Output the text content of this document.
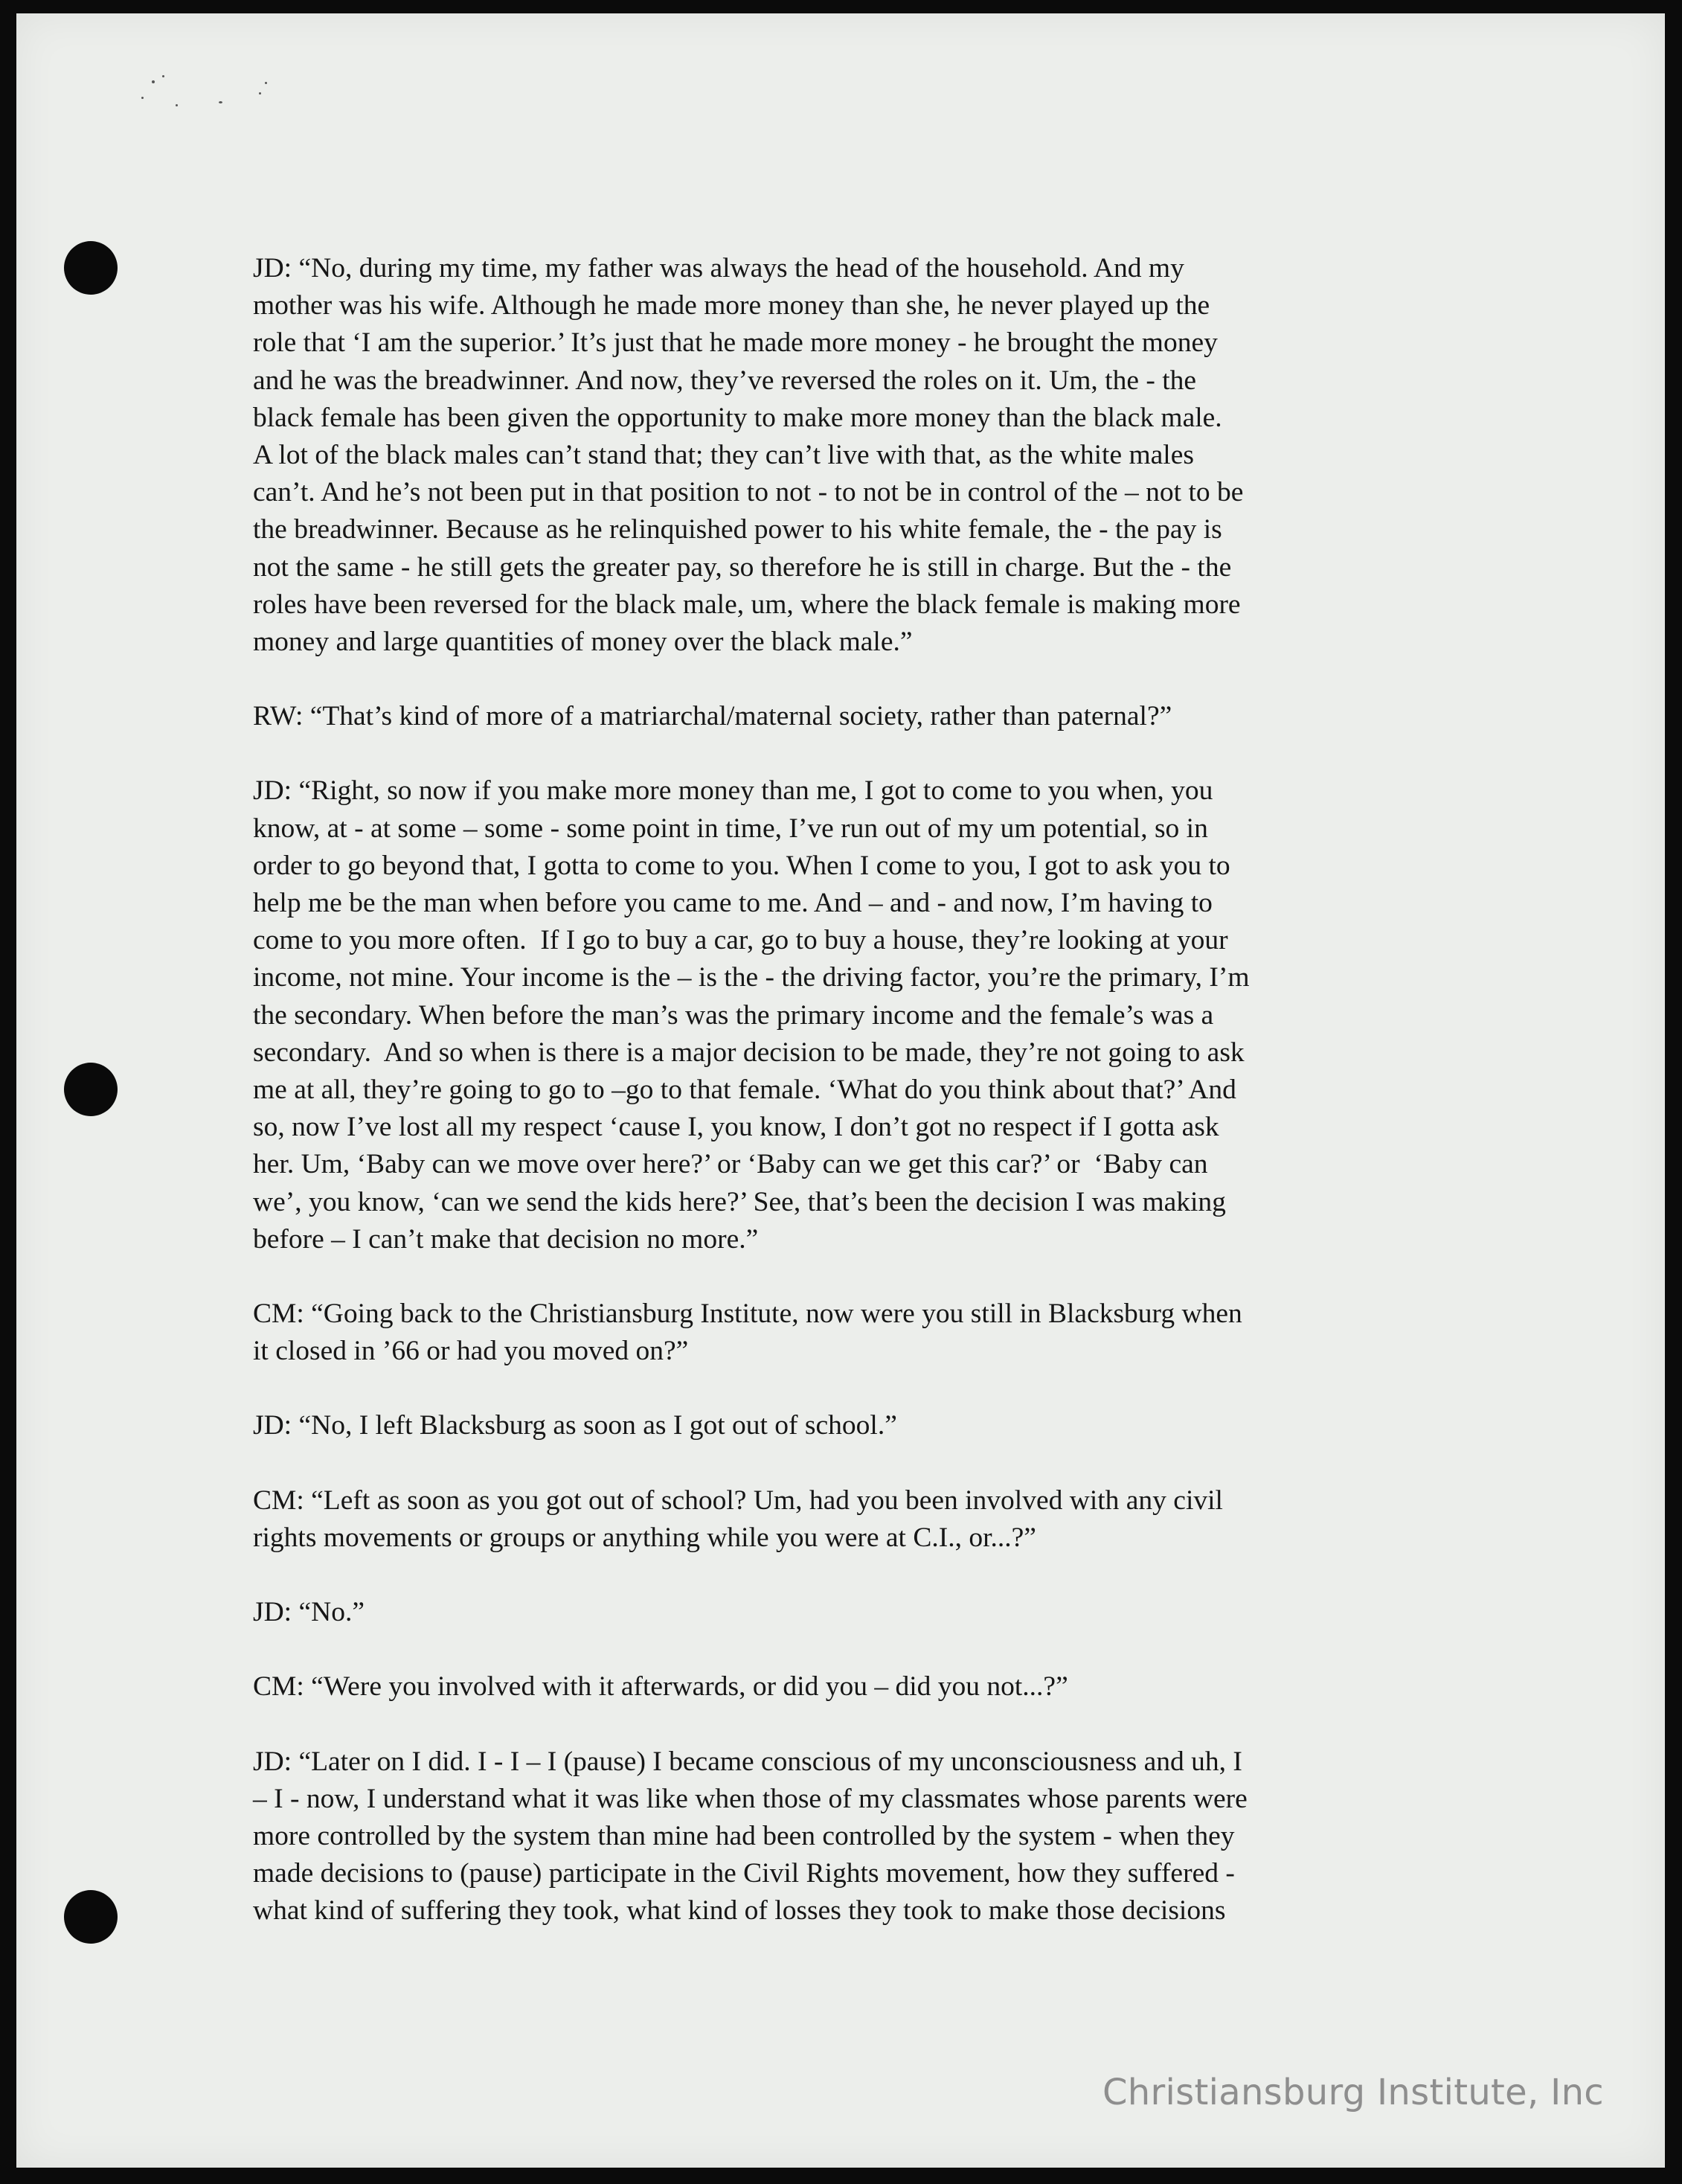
JD: “No, during my time, my father was always the head of the household. And my
mother was his wife. Although he made more money than she, he never played up the
role that ‘I am the superior.’ It’s just that he made more money - he brought the money
and he was the breadwinner. And now, they’ve reversed the roles on it. Um, the - the
black female has been given the opportunity to make more money than the black male.
A lot of the black males can’t stand that; they can’t live with that, as the white males
can’t. And he’s not been put in that position to not - to not be in control of the – not to be
the breadwinner. Because as he relinquished power to his white female, the - the pay is
not the same - he still gets the greater pay, so therefore he is still in charge. But the - the
roles have been reversed for the black male, um, where the black female is making more
money and large quantities of money over the black male.”
RW: “That’s kind of more of a matriarchal/maternal society, rather than paternal?”
JD: “Right, so now if you make more money than me, I got to come to you when, you
know, at - at some – some - some point in time, I’ve run out of my um potential, so in
order to go beyond that, I gotta to come to you. When I come to you, I got to ask you to
help me be the man when before you came to me. And – and - and now, I’m having to
come to you more often.  If I go to buy a car, go to buy a house, they’re looking at your
income, not mine. Your income is the – is the - the driving factor, you’re the primary, I’m
the secondary. When before the man’s was the primary income and the female’s was a
secondary.  And so when is there is a major decision to be made, they’re not going to ask
me at all, they’re going to go to –go to that female. ‘What do you think about that?’ And
so, now I’ve lost all my respect ‘cause I, you know, I don’t got no respect if I gotta ask
her. Um, ‘Baby can we move over here?’ or ‘Baby can we get this car?’ or  ‘Baby can
we’, you know, ‘can we send the kids here?’ See, that’s been the decision I was making
before – I can’t make that decision no more.”
CM: “Going back to the Christiansburg Institute, now were you still in Blacksburg when
it closed in ’66 or had you moved on?”
JD: “No, I left Blacksburg as soon as I got out of school.”
CM: “Left as soon as you got out of school? Um, had you been involved with any civil
rights movements or groups or anything while you were at C.I., or...?”
JD: “No.”
CM: “Were you involved with it afterwards, or did you – did you not...?”
JD: “Later on I did. I - I – I (pause) I became conscious of my unconsciousness and uh, I
– I - now, I understand what it was like when those of my classmates whose parents were
more controlled by the system than mine had been controlled by the system - when they
made decisions to (pause) participate in the Civil Rights movement, how they suffered -
what kind of suffering they took, what kind of losses they took to make those decisions
Christiansburg Institute, Inc
